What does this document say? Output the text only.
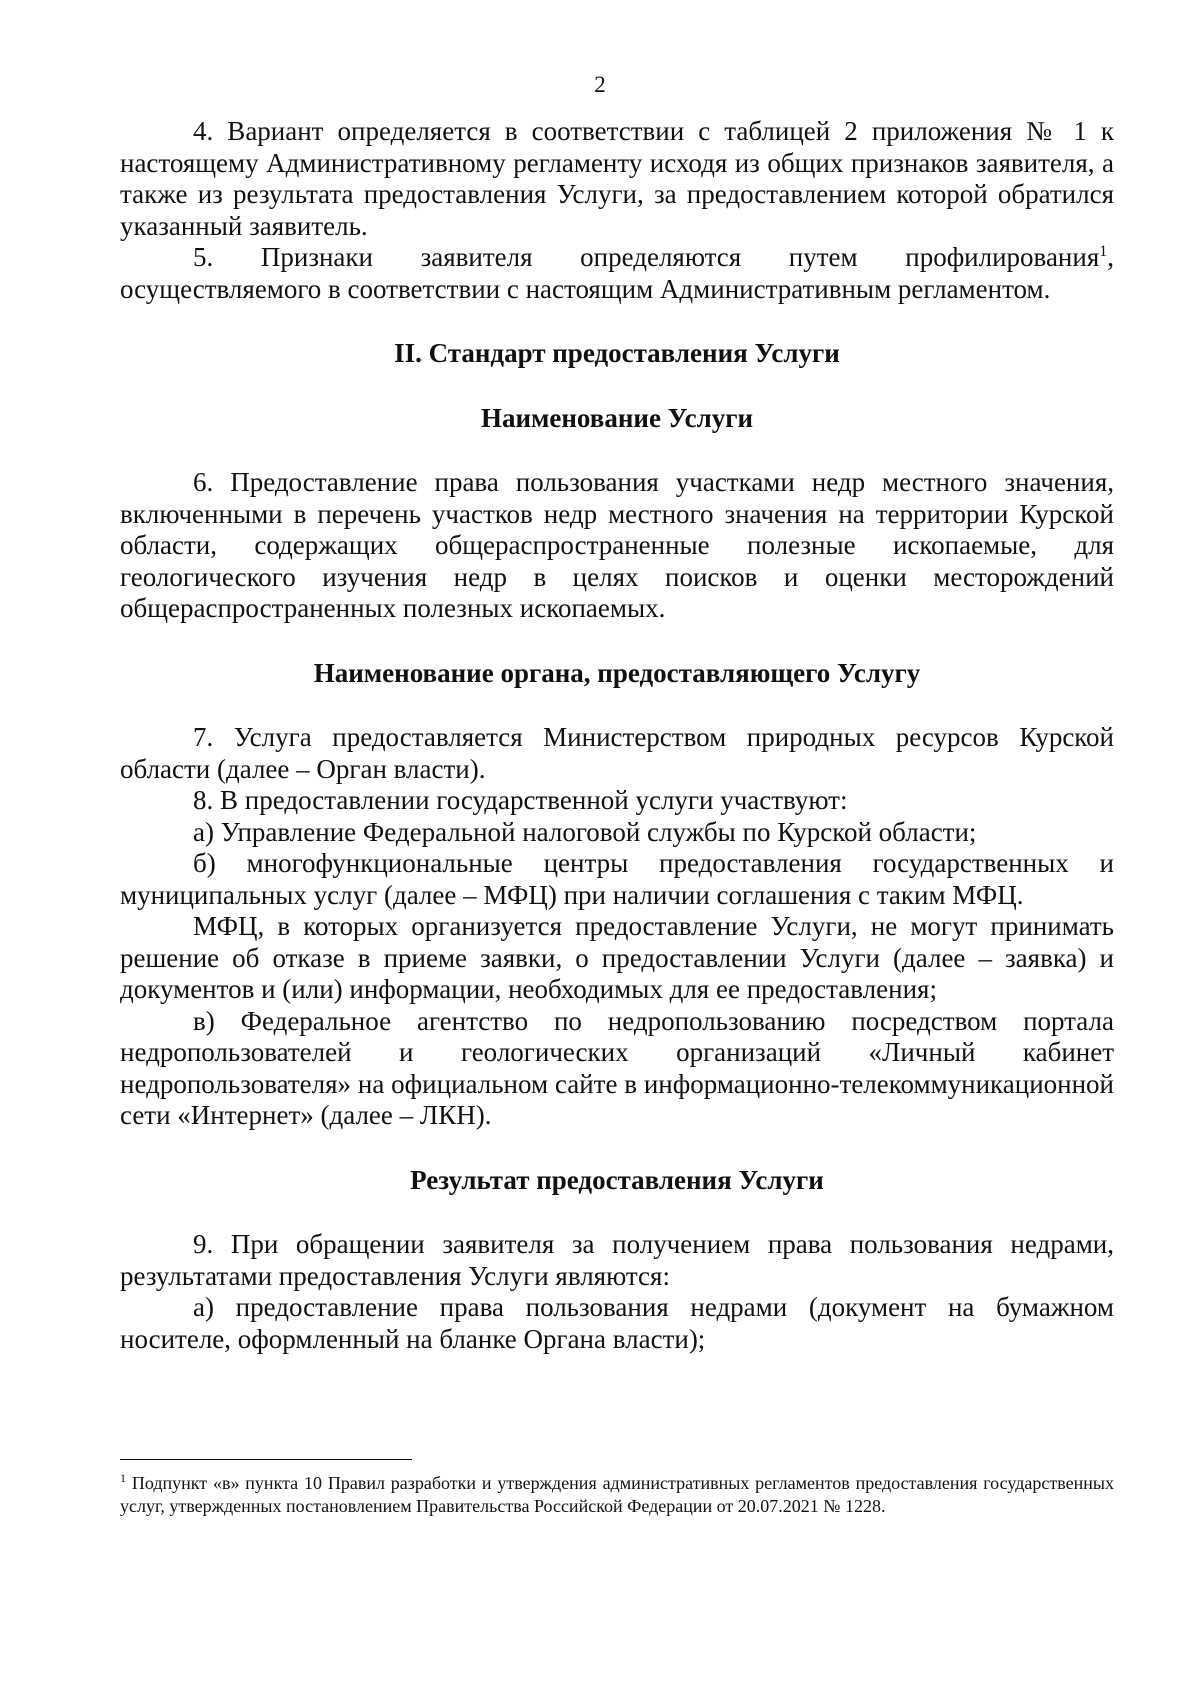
2

4. Вариант определяется в соответствии с таблицей 2 приложения № 1 к настоящему Административному регламенту исходя из общих признаков заявителя, а также из результата предоставления Услуги, за предоставлением которой обратился указанный заявитель.

5. Признаки заявителя определяются путем профилирования$^1$, осуществляемого в соответствии с настоящим Административным регламентом.

II. Стандарт предоставления Услуги

Наименование Услуги

6. Предоставление права пользования участками недр местного значения, включенными в перечень участков недр местного значения на территории Курской области, содержащих общераспространенные полезные ископаемые, для геологического изучения недр в целях поисков и оценки месторождений общераспространенных полезных ископаемых.

Наименование органа, предоставляющего Услугу

7. Услуга предоставляется Министерством природных ресурсов Курской области (далее – Орган власти).

8. В предоставлении государственной услуги участвуют:

а) Управление Федеральной налоговой службы по Курской области;

б) многофункциональные центры предоставления государственных и муниципальных услуг (далее – МФЦ) при наличии соглашения с таким МФЦ.

МФЦ, в которых организуется предоставление Услуги, не могут принимать решение об отказе в приеме заявки, о предоставлении Услуги (далее – заявка) и документов и (или) информации, необходимых для ее предоставления;

в) Федеральное агентство по недропользованию посредством портала недропользователей и геологических организаций «Личный кабинет недропользователя» на официальном сайте в информационно-телекоммуникационной сети «Интернет» (далее – ЛКН).

Результат предоставления Услуги

9. При обращении заявителя за получением права пользования недрами, результатами предоставления Услуги являются:

а) предоставление права пользования недрами (документ на бумажном носителе, оформленный на бланке Органа власти);

$^1$ Подпункт «в» пункта 10 Правил разработки и утверждения административных регламентов предоставления государственных услуг, утвержденных постановлением Правительства Российской Федерации от 20.07.2021 № 1228.
